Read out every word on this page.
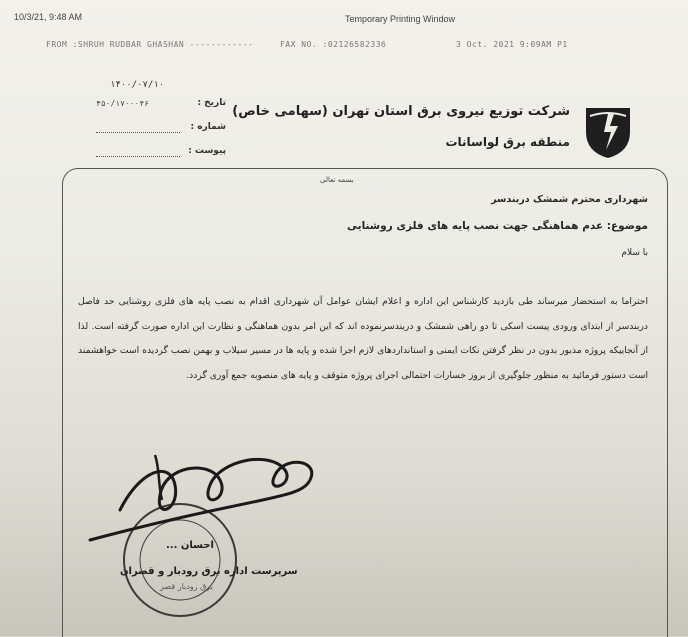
10/3/21, 9:48 AM	Temporary Printing Window
FROM :SHRUH RUDBAR GHASHAN ------------	FAX NO. :02126582336	3 Oct. 2021 9:09AM P1
۱۴۰۰/۰۷/۱۰
تاریخ :
۴۵۰/۱۷۰۰۰۴۶
شماره :
پیوست :
شرکت توزیع نیروی برق استان تهران (سهامی خاص)
منطقه برق لواسانات
بسمه تعالی
شهرداری محترم شمشک دربندسر
موضوع: عدم هماهنگی جهت نصب پایه های فلزی روشنایی
با سلام
احتراما به استحضار میرساند طی بازدید کارشناس این اداره و اعلام ایشان عوامل آن شهرداری اقدام به نصب پایه های فلزی روشنایی حد فاصل دربندسر از ابتدای ورودی پیست اسکی تا دو راهی شمشک و دربندسرنموده اند که این امر بدون هماهنگی و نظارت این اداره صورت گرفته است. لذا از آنجاییکه پروژه مذبور بدون در نظر گرفتن نکات ایمنی و استانداردهای لازم اجرا شده و پایه ها در مسیر سیلاب و بهمن نصب گردیده است خواهشمند است دستور فرمائید به منظور جلوگیری از بروز خسارات احتمالی اجرای پروژه متوقف و پایه های منصوبه جمع آوری گردد.
احسان ...
سرپرست اداره برق رودبار و قصران
برق رودبار قصر
